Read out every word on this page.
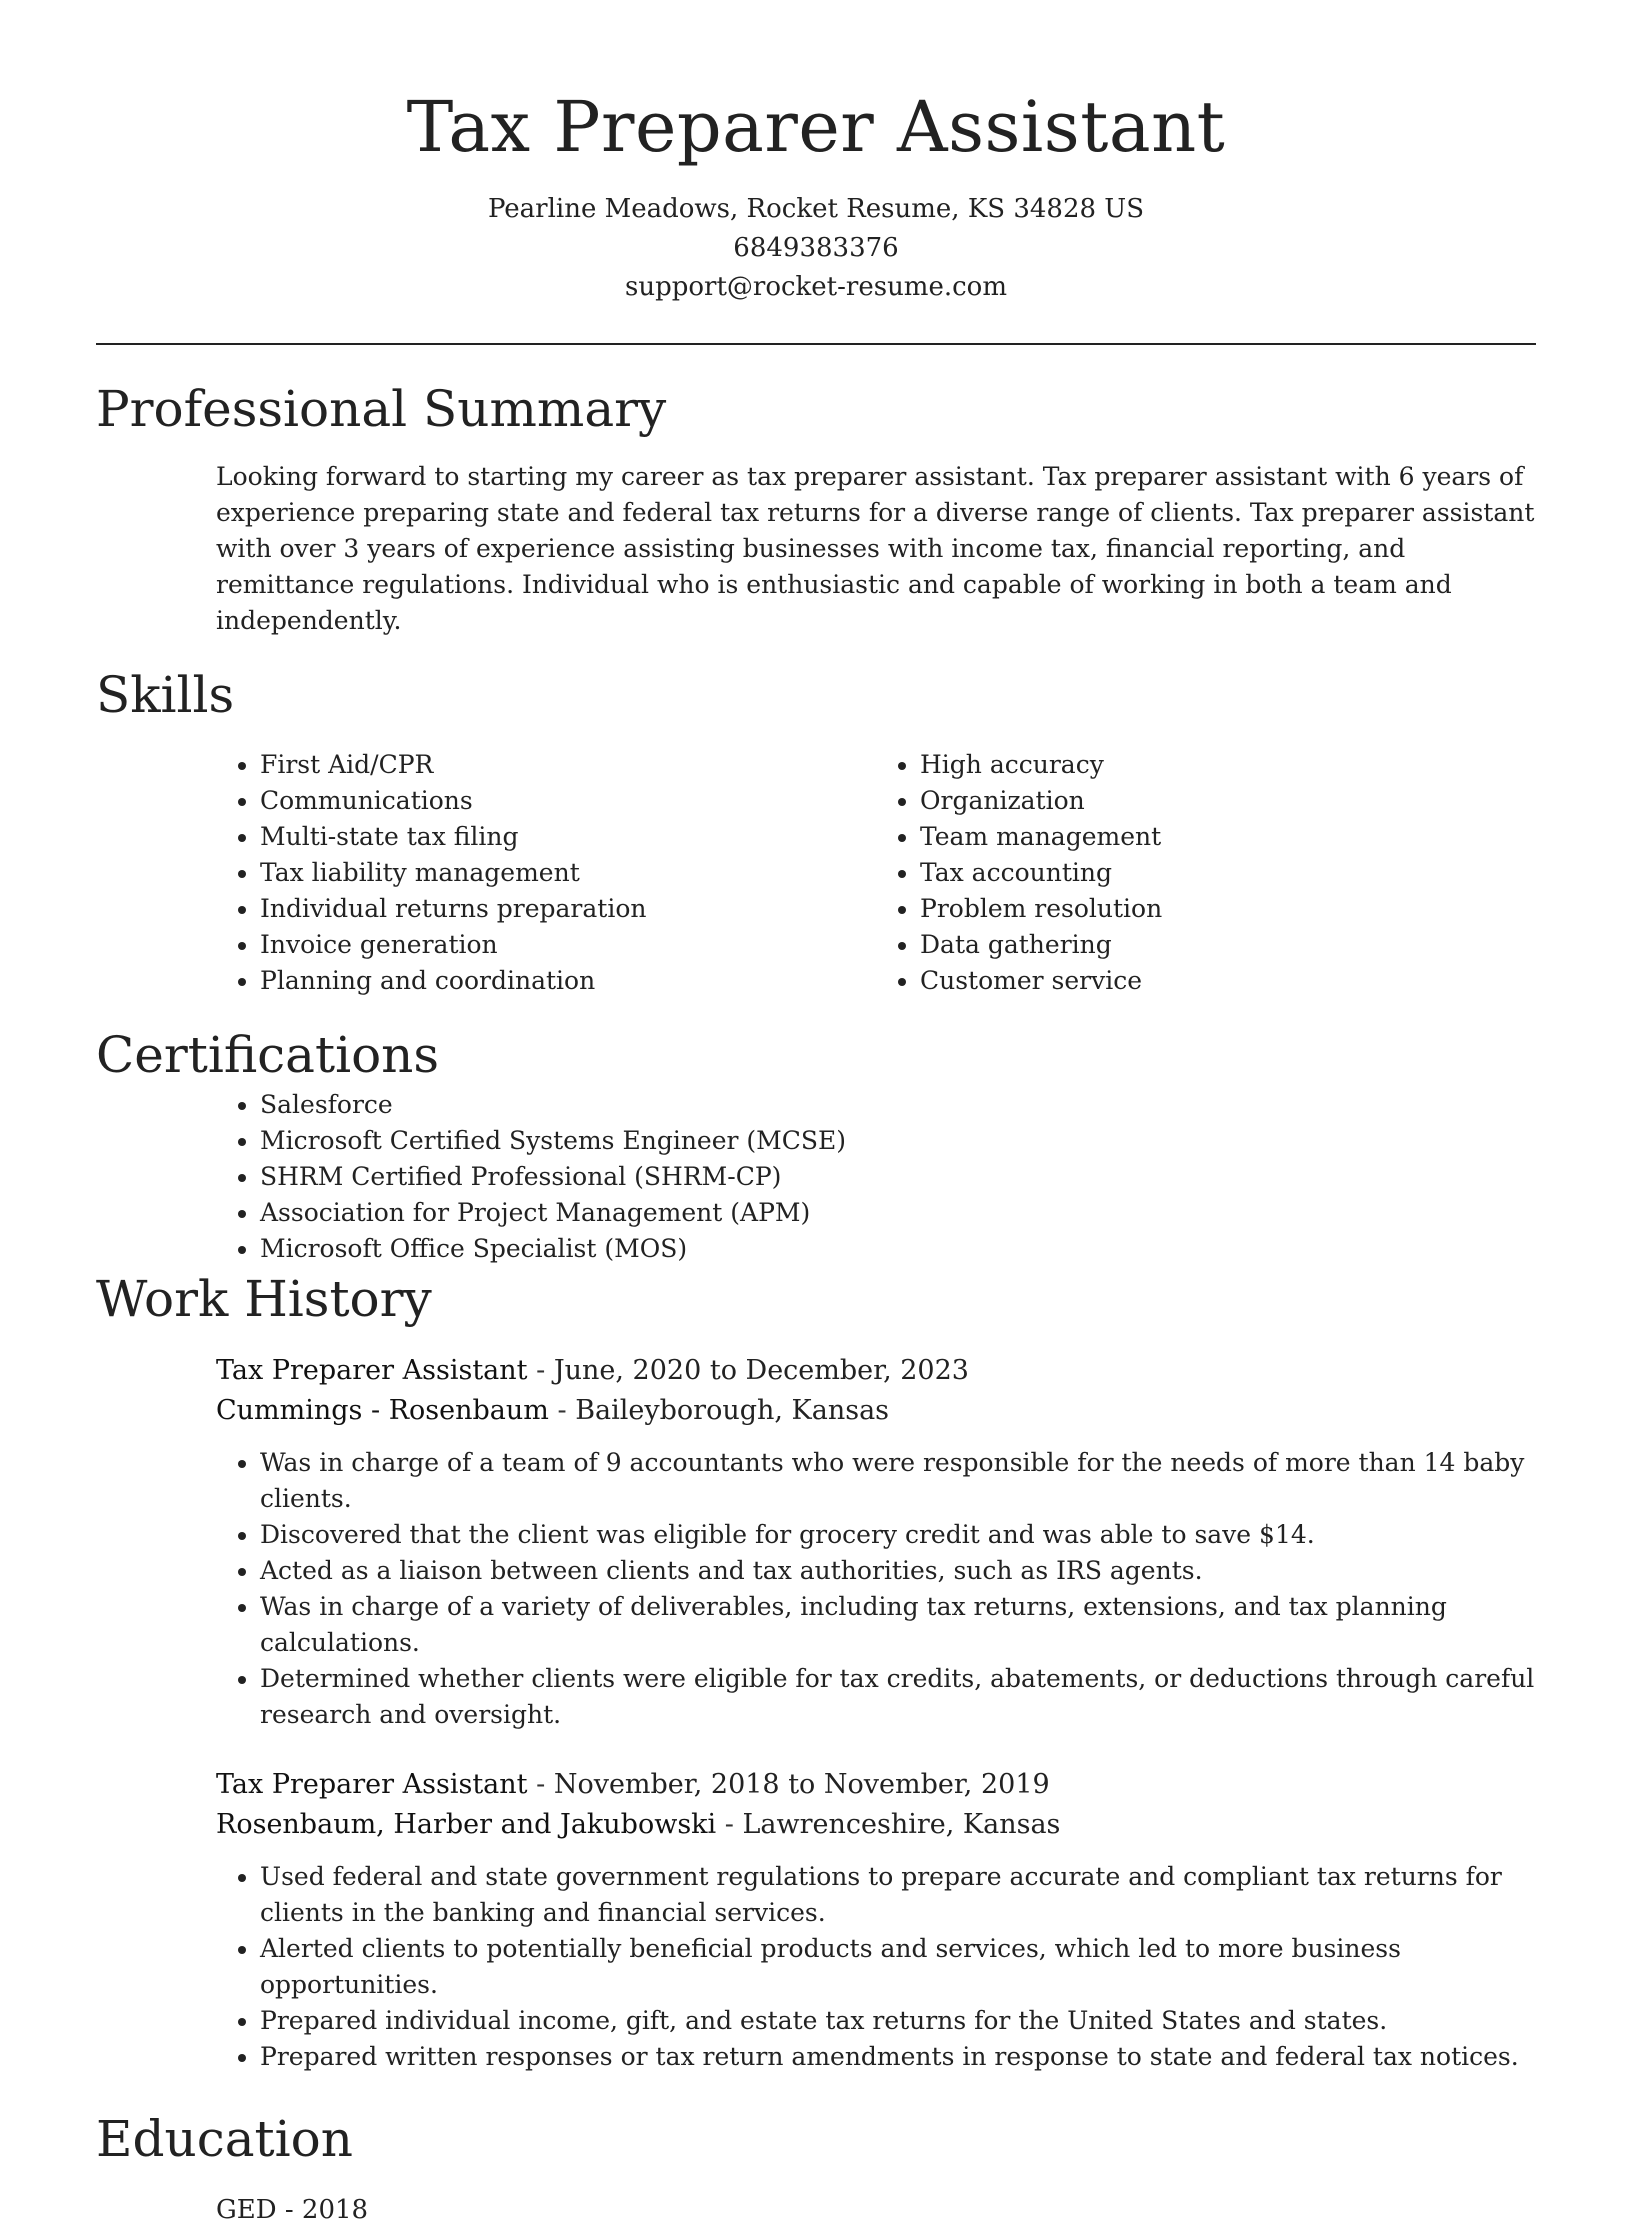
Tax Preparer Assistant
Pearline Meadows, Rocket Resume, KS 34828 US
6849383376
support@rocket-resume.com
Professional Summary

Looking forward to starting my career as tax preparer assistant. Tax preparer assistant with 6 years of experience preparing state and federal tax returns for a diverse range of clients. Tax preparer assistant with over 3 years of experience assisting businesses with income tax, financial reporting, and remittance regulations. Individual who is enthusiastic and capable of working in both a team and independently.

Skills
• First Aid/CPR
• Communications
• Multi-state tax filing
• Tax liability management
• Individual returns preparation
• Invoice generation
• Planning and coordination
• High accuracy
• Organization
• Team management
• Tax accounting
• Problem resolution
• Data gathering
• Customer service
Certifications
• Salesforce
• Microsoft Certified Systems Engineer (MCSE)
• SHRM Certified Professional (SHRM-CP)
• Association for Project Management (APM)
• Microsoft Office Specialist (MOS)
Work History
Tax Preparer Assistant - June, 2020 to December, 2023
Cummings - Rosenbaum - Baileyborough, Kansas
• Was in charge of a team of 9 accountants who were responsible for the needs of more than 14 baby clients.
• Discovered that the client was eligible for grocery credit and was able to save $14.
• Acted as a liaison between clients and tax authorities, such as IRS agents.
• Was in charge of a variety of deliverables, including tax returns, extensions, and tax planning calculations.
• Determined whether clients were eligible for tax credits, abatements, or deductions through careful research and oversight.
Tax Preparer Assistant - November, 2018 to November, 2019
Rosenbaum, Harber and Jakubowski - Lawrenceshire, Kansas
• Used federal and state government regulations to prepare accurate and compliant tax returns for clients in the banking and financial services.
• Alerted clients to potentially beneficial products and services, which led to more business opportunities.
• Prepared individual income, gift, and estate tax returns for the United States and states.
• Prepared written responses or tax return amendments in response to state and federal tax notices.
Education
GED - 2018
